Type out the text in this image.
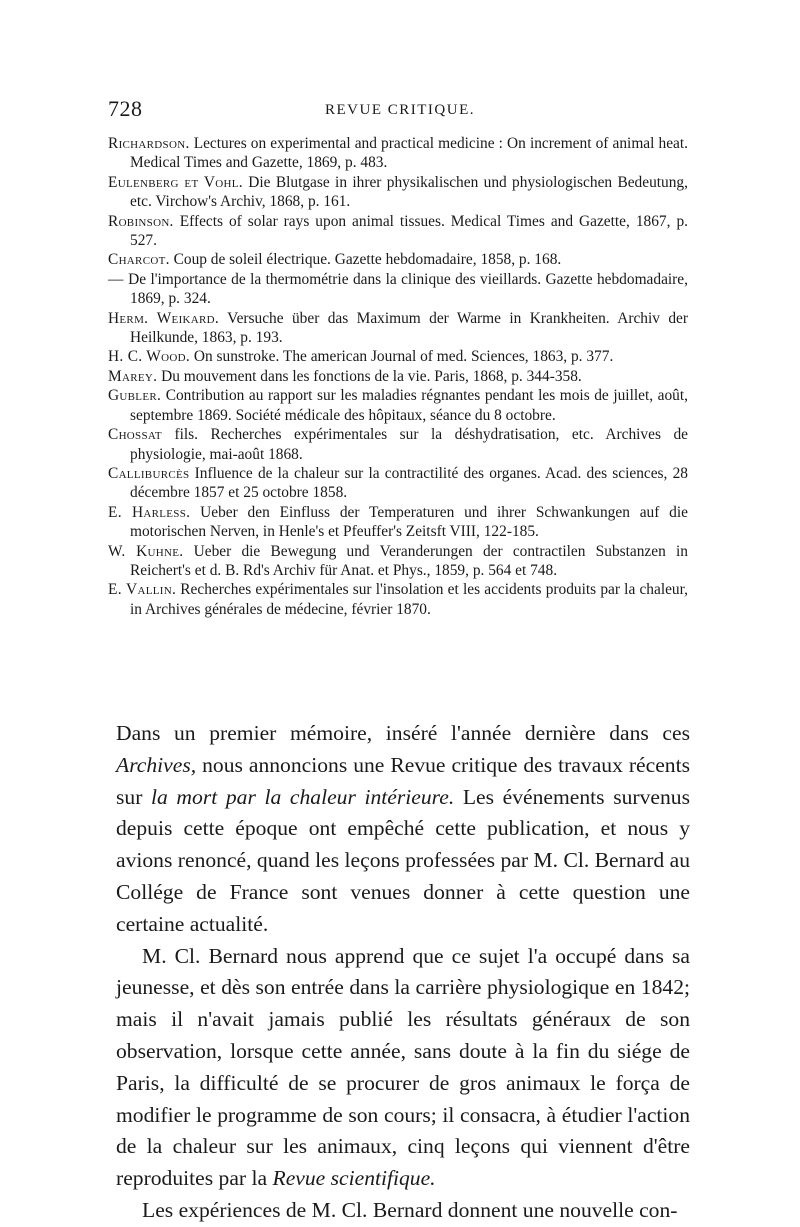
728	REVUE CRITIQUE.
Richardson. Lectures on experimental and practical medicine : On increment of animal heat. Medical Times and Gazette, 1869, p. 483.
Eulenberg et Vohl. Die Blutgase in ihrer physikalischen und physiologischen Bedeutung, etc. Virchow's Archiv, 1868, p. 161.
Robinson. Effects of solar rays upon animal tissues. Medical Times and Gazette, 1867, p. 527.
Charcot. Coup de soleil électrique. Gazette hebdomadaire, 1858, p. 168.
— De l'importance de la thermométrie dans la clinique des vieillards. Gazette hebdomadaire, 1869, p. 324.
Herm. Weikard. Versuche über das Maximum der Warme in Krankheiten. Archiv der Heilkunde, 1863, p. 193.
H. C. Wood. On sunstroke. The american Journal of med. Sciences, 1863, p. 377.
Marey. Du mouvement dans les fonctions de la vie. Paris, 1868, p. 344-358.
Gubler. Contribution au rapport sur les maladies régnantes pendant les mois de juillet, août, septembre 1869. Société médicale des hôpitaux, séance du 8 octobre.
Chossat fils. Recherches expérimentales sur la déshydratisation, etc. Archives de physiologie, mai-août 1868.
Calliburcès Influence de la chaleur sur la contractilité des organes. Acad. des sciences, 28 décembre 1857 et 25 octobre 1858.
E. Harless. Ueber den Einfluss der Temperaturen und ihrer Schwankungen auf die motorischen Nerven, in Henle's et Pfeuffer's Zeitsft VIII, 122-185.
W. Kuhne. Ueber die Bewegung und Veranderungen der contractilen Substanzen in Reichert's et d. B. Rd's Archiv für Anat. et Phys., 1859, p. 564 et 748.
E. Vallin. Recherches expérimentales sur l'insolation et les accidents produits par la chaleur, in Archives générales de médecine, février 1870.

Dans un premier mémoire, inséré l'année dernière dans ces Archives, nous annoncions une Revue critique des travaux récents sur la mort par la chaleur intérieure. Les événements survenus depuis cette époque ont empêché cette publication, et nous y avions renoncé, quand les leçons professées par M. Cl. Bernard au Collége de France sont venues donner à cette question une certaine actualité.

M. Cl. Bernard nous apprend que ce sujet l'a occupé dans sa jeunesse, et dès son entrée dans la carrière physiologique en 1842; mais il n'avait jamais publié les résultats généraux de son observation, lorsque cette année, sans doute à la fin du siége de Paris, la difficulté de se procurer de gros animaux le força de modifier le programme de son cours; il consacra, à étudier l'action de la chaleur sur les animaux, cinq leçons qui viennent d'être reproduites par la Revue scientifique.

Les expériences de M. Cl. Bernard donnent une nouvelle con-
